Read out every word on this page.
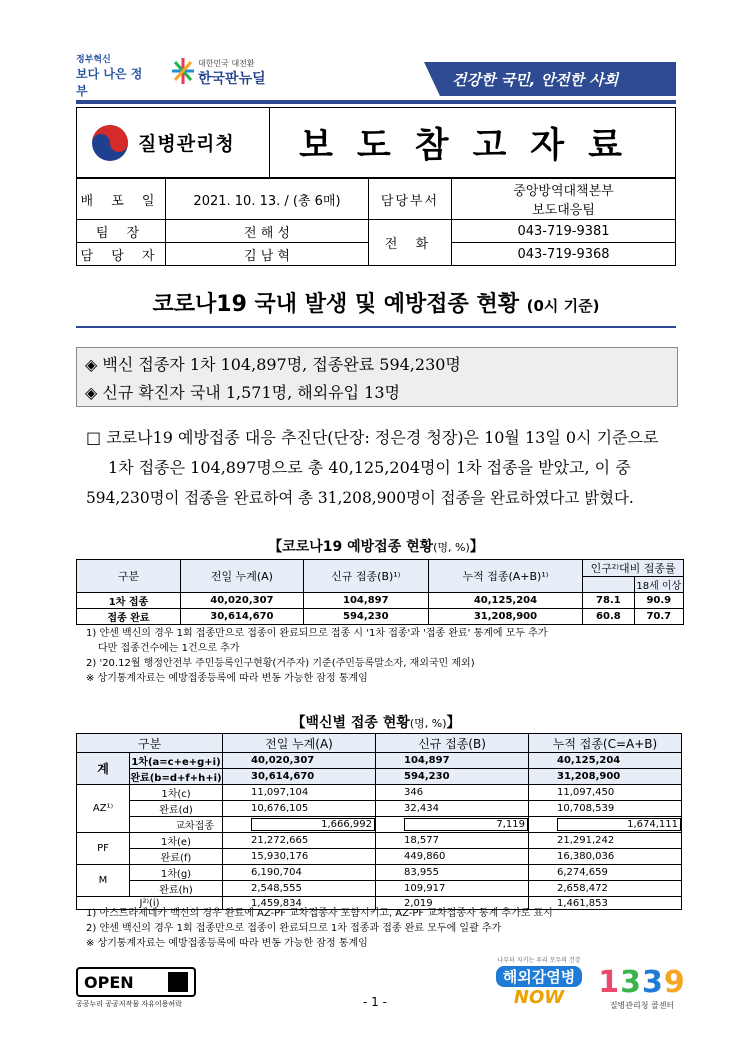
정부혁신
보다 나은 정부
대한민국 대전환
한국판뉴딜	건강한 국민, 안전한 사회
질병관리청	보도참고자료
배 포 일	2021. 10. 13. / (총 6매)	담당부서	중앙방역대책본부
보도대응팀

팀 장	전 해 성	전 화	043-719-9381
담 당 자	김 남 혁		043-719-9368
코로나19 국내 발생 및 예방접종 현황 (0시 기준)
◈ 백신 접종자 1차 104,897명, 접종완료 594,230명
◈ 신규 확진자 국내 1,571명, 해외유입 13명
□ 코로나19 예방접종 대응 추진단(단장: 정은경 청장)은 10월 13일 0시 기준으로
1차 접종은 104,897명으로 총 40,125,204명이 1차 접종을 받았고, 이 중
594,230명이 접종을 완료하여 총 31,208,900명이 접종을 완료하였다고 밝혔다.
【코로나19 예방접종 현황(명, %)】
구분	전일 누계(A)	신규 접종(B)¹⁾	누적 접종(A+B)¹⁾	인구²⁾대비 접종률	
					18세 이상
1차 접종	40,020,307	104,897	40,125,204	78.1	90.9
접종 완료	30,614,670	594,230	31,208,900	60.8	70.7
1) 얀센 백신의 경우 1회 접종만으로 접종이 완료되므로 접종 시 '1차 접종'과 '접종 완료' 통계에 모두 추가
다만 접종건수에는 1건으로 추가
2) '20.12월 행정안전부 주민등록인구현황(거주자) 기준(주민등록말소자, 재외국민 제외)
※ 상기통계자료는 예방접종등록에 따라 변동 가능한 잠정 통계임
【백신별 접종 현황(명, %)】
구분		전일 누계(A)	신규 접종(B)	누적 접종(C=A+B)
계	1차(a=c+e+g+i)	40,020,307	104,897	40,125,204
	완료(b=d+f+h+i)	30,614,670	594,230	31,208,900
AZ¹⁾	1차(c)	11,097,104	346	11,097,450
	완료(d)	10,676,105	32,434	10,708,539
	교차접종	1,666,992	7,119	1,674,111
PF	1차(e)	21,272,665	18,577	21,291,242
	완료(f)	15,930,176	449,860	16,380,036
M	1차(g)	6,190,704	83,955	6,274,659
	완료(h)	2,548,555	109,917	2,658,472
J²⁾(i)		1,459,834	2,019	1,461,853
1) 아스트라제네카 백신의 경우 완료에 AZ-PF 교차접종자 포함시키고, AZ-PF 교차접종자 통계 추가로 표시
2) 얀센 백신의 경우 1회 접종만으로 접종이 완료되므로 1차 접종과 접종 완료 모두에 일괄 추가
※ 상기통계자료는 예방접종등록에 따라 변동 가능한 잠정 통계임
OPEN
공공누리 공공저작물 자유이용허락	- 1 -
나부터 지키는 우리 모두의 건강
해외감염병
NOW	1339
질병관리청 콜센터
